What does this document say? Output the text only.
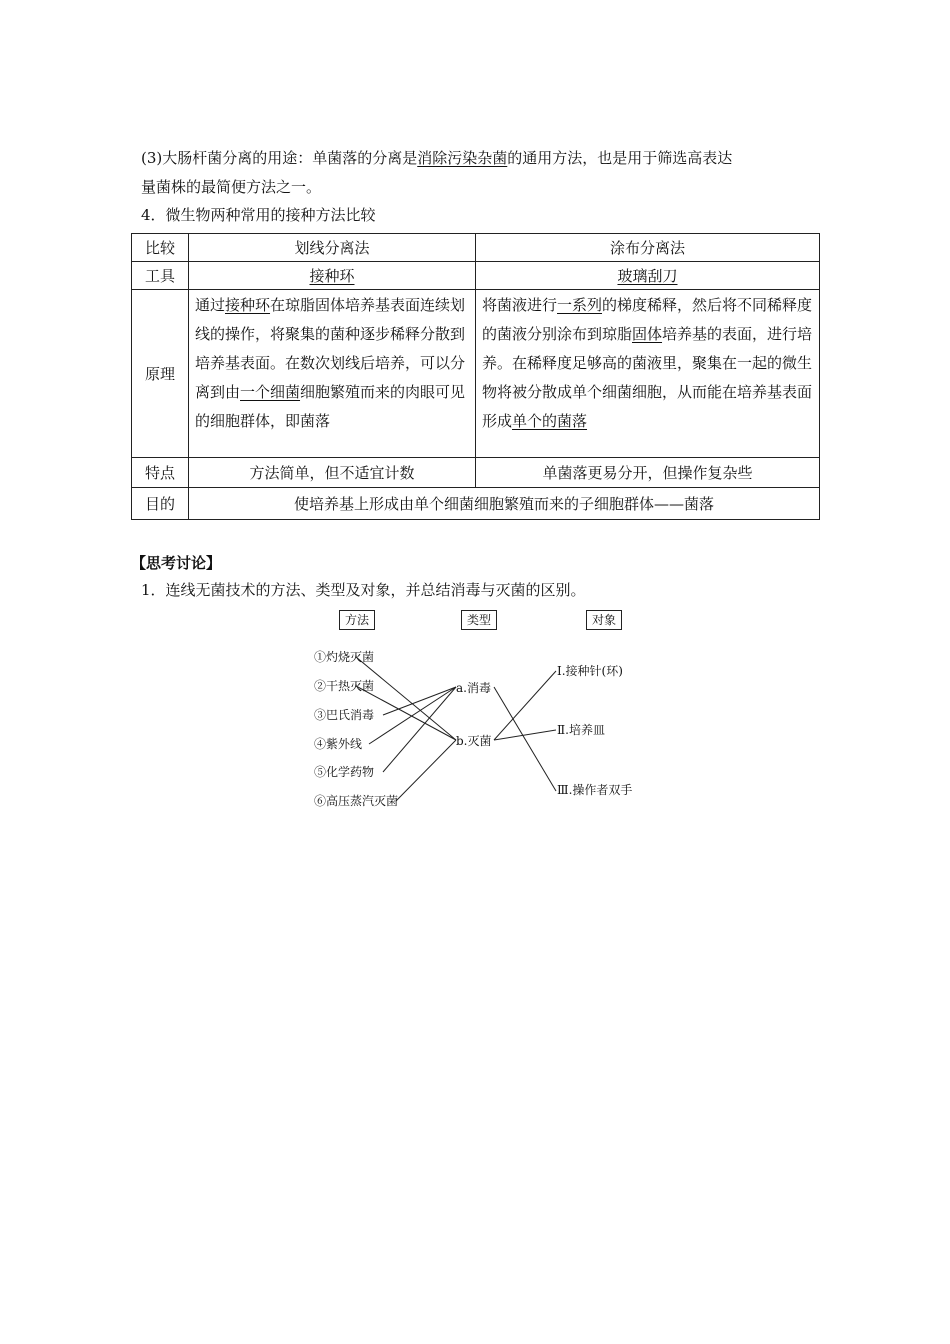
(3)大肠杆菌分离的用途：单菌落的分离是消除污染杂菌的通用方法，也是用于筛选高表达
量菌株的最简便方法之一。
4．微生物两种常用的接种方法比较
比较	划线分离法	涂布分离法
工具	接种环	玻璃刮刀
原理	通过接种环在琼脂固体培养基表面连续划线的操作，将聚集的菌种逐步稀释分散到培养基表面。在数次划线后培养，可以分离到由一个细菌细胞繁殖而来的肉眼可见的细胞群体，即菌落	将菌液进行一系列的梯度稀释，然后将不同稀释度的菌液分别涂布到琼脂固体培养基的表面，进行培养。在稀释度足够高的菌液里，聚集在一起的微生物将被分散成单个细菌细胞，从而能在培养基表面形成单个的菌落
特点	方法简单，但不适宜计数	单菌落更易分开，但操作复杂些
目的	使培养基上形成由单个细菌细胞繁殖而来的子细胞群体——菌落	
【思考讨论】
1．连线无菌技术的方法、类型及对象，并总结消毒与灭菌的区别。
方法	类型	对象
①灼烧灭菌
②干热灭菌
③巴氏消毒
④紫外线
⑤化学药物
⑥高压蒸汽灭菌
a.消毒
b.灭菌
Ⅰ.接种针(环)
Ⅱ.培养皿
Ⅲ.操作者双手
